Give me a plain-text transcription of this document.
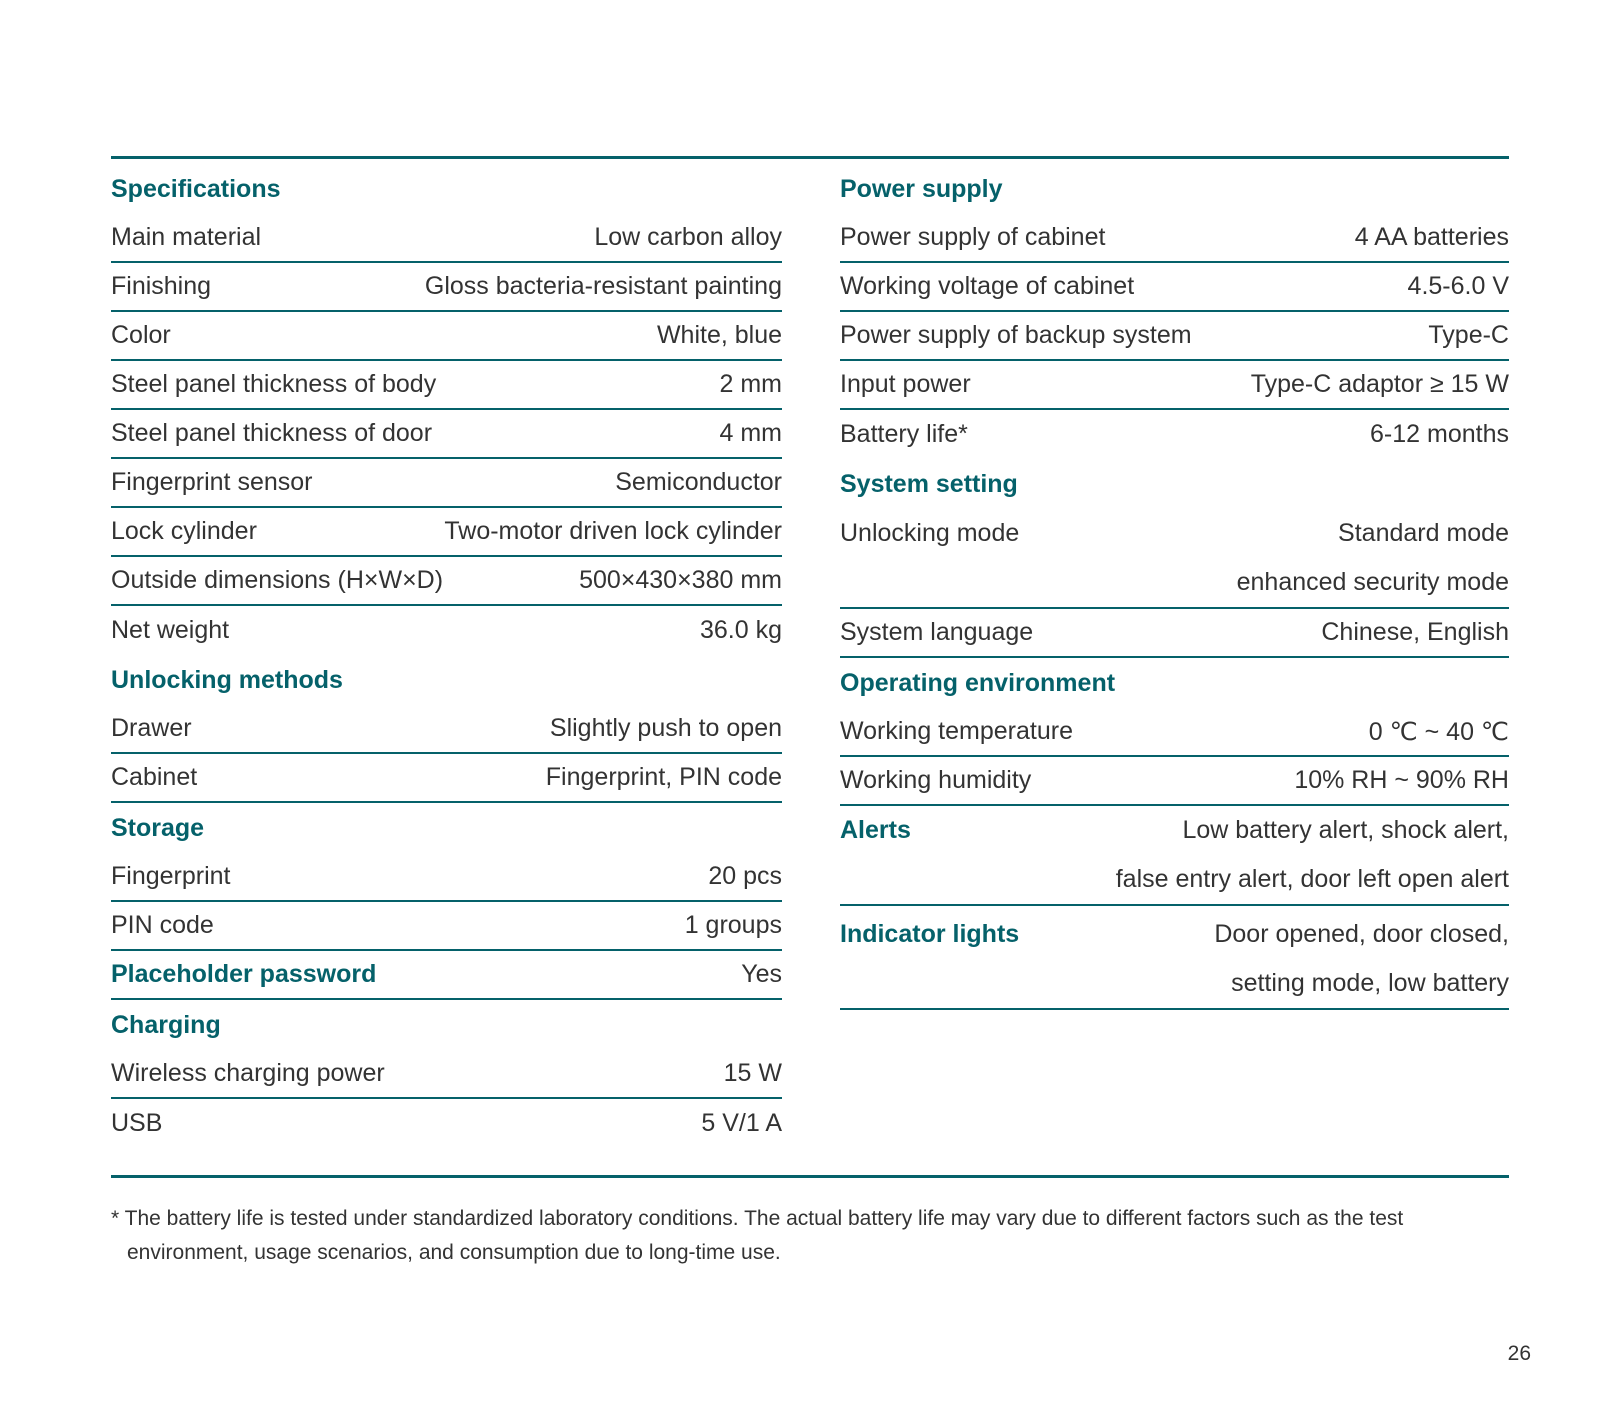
Specifications
Main material	Low carbon alloy
Finishing	Gloss bacteria-resistant painting
Color	White, blue
Steel panel thickness of body	2 mm
Steel panel thickness of door	4 mm
Fingerprint sensor	Semiconductor
Lock cylinder	Two-motor driven lock cylinder
Outside dimensions (H×W×D)	500×430×380 mm
Net weight	36.0 kg
Unlocking methods
Drawer	Slightly push to open
Cabinet	Fingerprint, PIN code
Storage
Fingerprint	20 pcs
PIN code	1 groups
Placeholder password	Yes
Charging
Wireless charging power	15 W
USB	5 V/1 A
Power supply
Power supply of cabinet	4 AA batteries
Working voltage of cabinet	4.5-6.0 V
Power supply of backup system	Type-C
Input power	Type-C adaptor ≥ 15 W
Battery life*	6-12 months
System setting
Unlocking mode	Standard mode
enhanced security mode
System language	Chinese, English
Operating environment
Working temperature	0 ℃ ~ 40 ℃
Working humidity	10% RH ~ 90% RH
Alerts	Low battery alert, shock alert,
false entry alert, door left open alert
Indicator lights	Door opened, door closed,
setting mode, low battery
* The battery life is tested under standardized laboratory conditions. The actual battery life may vary due to different factors such as the test environment, usage scenarios, and consumption due to long-time use.
26
